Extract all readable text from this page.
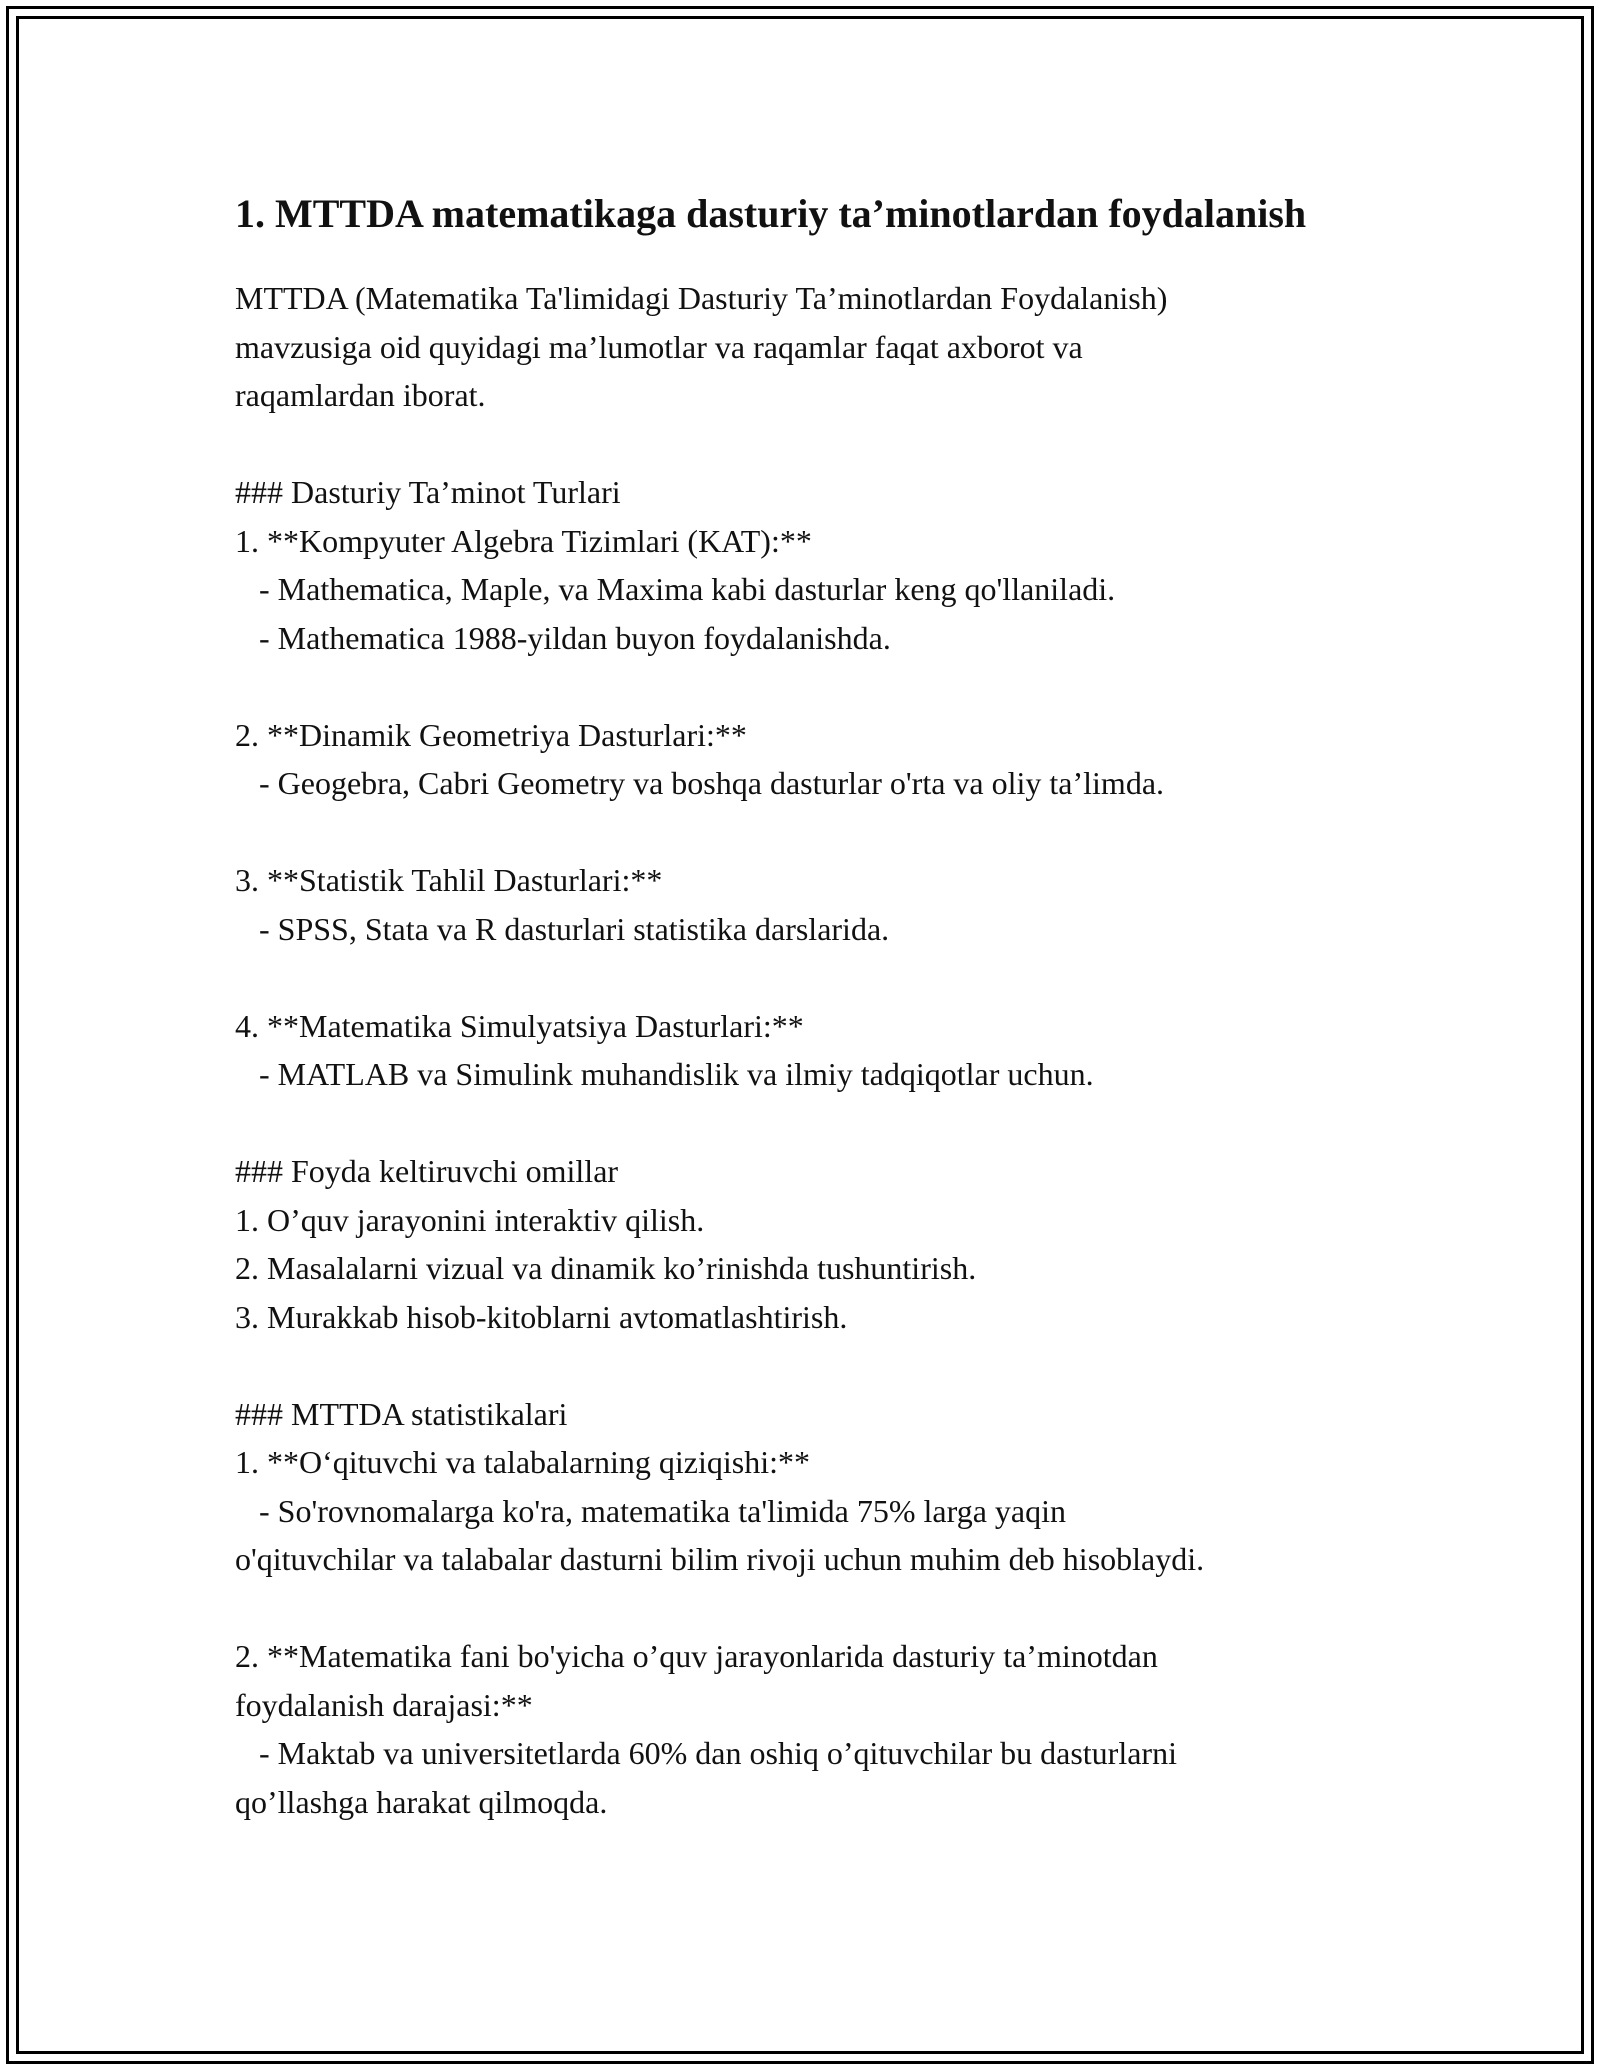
1. MTTDA matematikaga dasturiy ta’minotlardan foydalanish
MTTDA (Matematika Ta'limidagi Dasturiy Ta’minotlardan Foydalanish)
mavzusiga oid quyidagi ma’lumotlar va raqamlar faqat axborot va
raqamlardan iborat.
### Dasturiy Ta’minot Turlari
1. **Kompyuter Algebra Tizimlari (KAT):**
- Mathematica, Maple, va Maxima kabi dasturlar keng qo'llaniladi.
- Mathematica 1988-yildan buyon foydalanishda.
2. **Dinamik Geometriya Dasturlari:**
- Geogebra, Cabri Geometry va boshqa dasturlar o'rta va oliy ta’limda.
3. **Statistik Tahlil Dasturlari:**
- SPSS, Stata va R dasturlari statistika darslarida.
4. **Matematika Simulyatsiya Dasturlari:**
- MATLAB va Simulink muhandislik va ilmiy tadqiqotlar uchun.
### Foyda keltiruvchi omillar
1. O’quv jarayonini interaktiv qilish.
2. Masalalarni vizual va dinamik ko’rinishda tushuntirish.
3. Murakkab hisob-kitoblarni avtomatlashtirish.
### MTTDA statistikalari
1. **O‘qituvchi va talabalarning qiziqishi:**
- So'rovnomalarga ko'ra, matematika ta'limida 75% larga yaqin
o'qituvchilar va talabalar dasturni bilim rivoji uchun muhim deb hisoblaydi.
2. **Matematika fani bo'yicha o’quv jarayonlarida dasturiy ta’minotdan
foydalanish darajasi:**
- Maktab va universitetlarda 60% dan oshiq o’qituvchilar bu dasturlarni
qo’llashga harakat qilmoqda.
